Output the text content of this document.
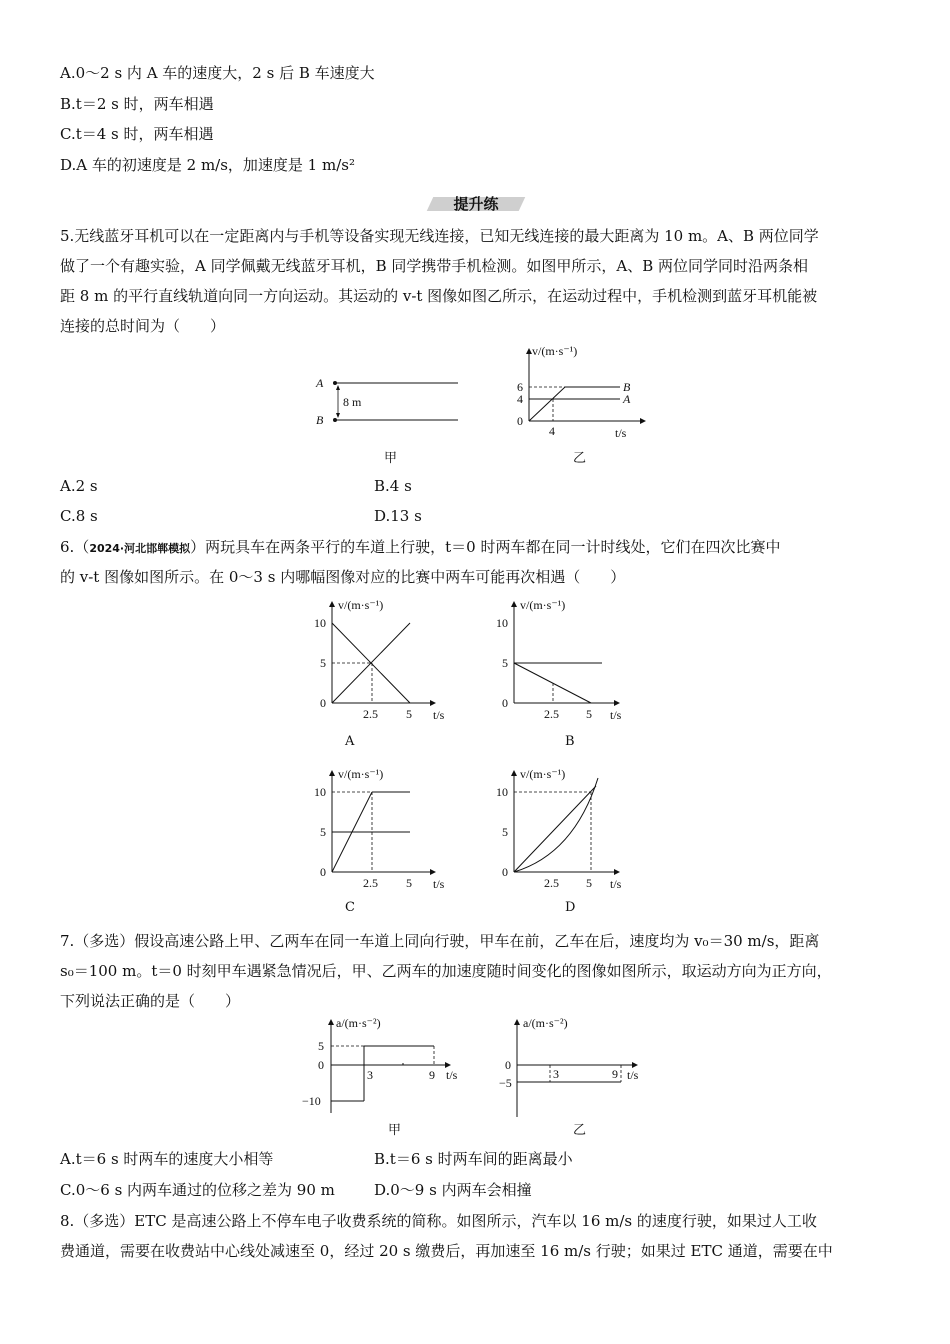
A.0～2 s 内 A 车的速度大，2 s 后 B 车速度大
B.t＝2 s 时，两车相遇
C.t＝4 s 时，两车相遇
D.A 车的初速度是 2 m/s，加速度是 1 m/s²
提升练
5.无线蓝牙耳机可以在一定距离内与手机等设备实现无线连接，已知无线连接的最大距离为 10 m。A、B 两位同学
做了一个有趣实验，A 同学佩戴无线蓝牙耳机，B 同学携带手机检测。如图甲所示，A、B 两位同学同时沿两条相
距 8 m 的平行直线轨道向同一方向运动。其运动的 v-t 图像如图乙所示，在运动过程中，手机检测到蓝牙耳机能被
连接的总时间为（　　）
A
B
8 m
甲
v/(m·s⁻¹)
6
4
0
4	t/s
B
A
乙
A.2 s	B.4 s
C.8 s	D.13 s
6.（2024·河北邯郸模拟）两玩具车在两条平行的车道上行驶，t＝0 时两车都在同一计时线处，它们在四次比赛中
的 v-t 图像如图所示。在 0～3 s 内哪幅图像对应的比赛中两车可能再次相遇（　　）
v/(m·s⁻¹)
10
5
0
2.5 5 t/s
A
v/(m·s⁻¹)
10
5
0
2.5 5 t/s
B
v/(m·s⁻¹)
10
5
0
2.5 5 t/s
C
v/(m·s⁻¹)
10
5
0
2.5 5 t/s
D
7.（多选）假设高速公路上甲、乙两车在同一车道上同向行驶，甲车在前，乙车在后，速度均为 v₀＝30 m/s，距离
s₀＝100 m。t＝0 时刻甲车遇紧急情况后，甲、乙两车的加速度随时间变化的图像如图所示，取运动方向为正方向，
下列说法正确的是（　　）
a/(m·s⁻²)
5
0
−10
3	9 t/s
甲
a/(m·s⁻²)
0
−5
3	9 t/s
乙
A.t＝6 s 时两车的速度大小相等	B.t＝6 s 时两车间的距离最小
C.0～6 s 内两车通过的位移之差为 90 m	D.0～9 s 内两车会相撞
8.（多选）ETC 是高速公路上不停车电子收费系统的简称。如图所示，汽车以 16 m/s 的速度行驶，如果过人工收
费通道，需要在收费站中心线处减速至 0，经过 20 s 缴费后，再加速至 16 m/s 行驶；如果过 ETC 通道，需要在中
